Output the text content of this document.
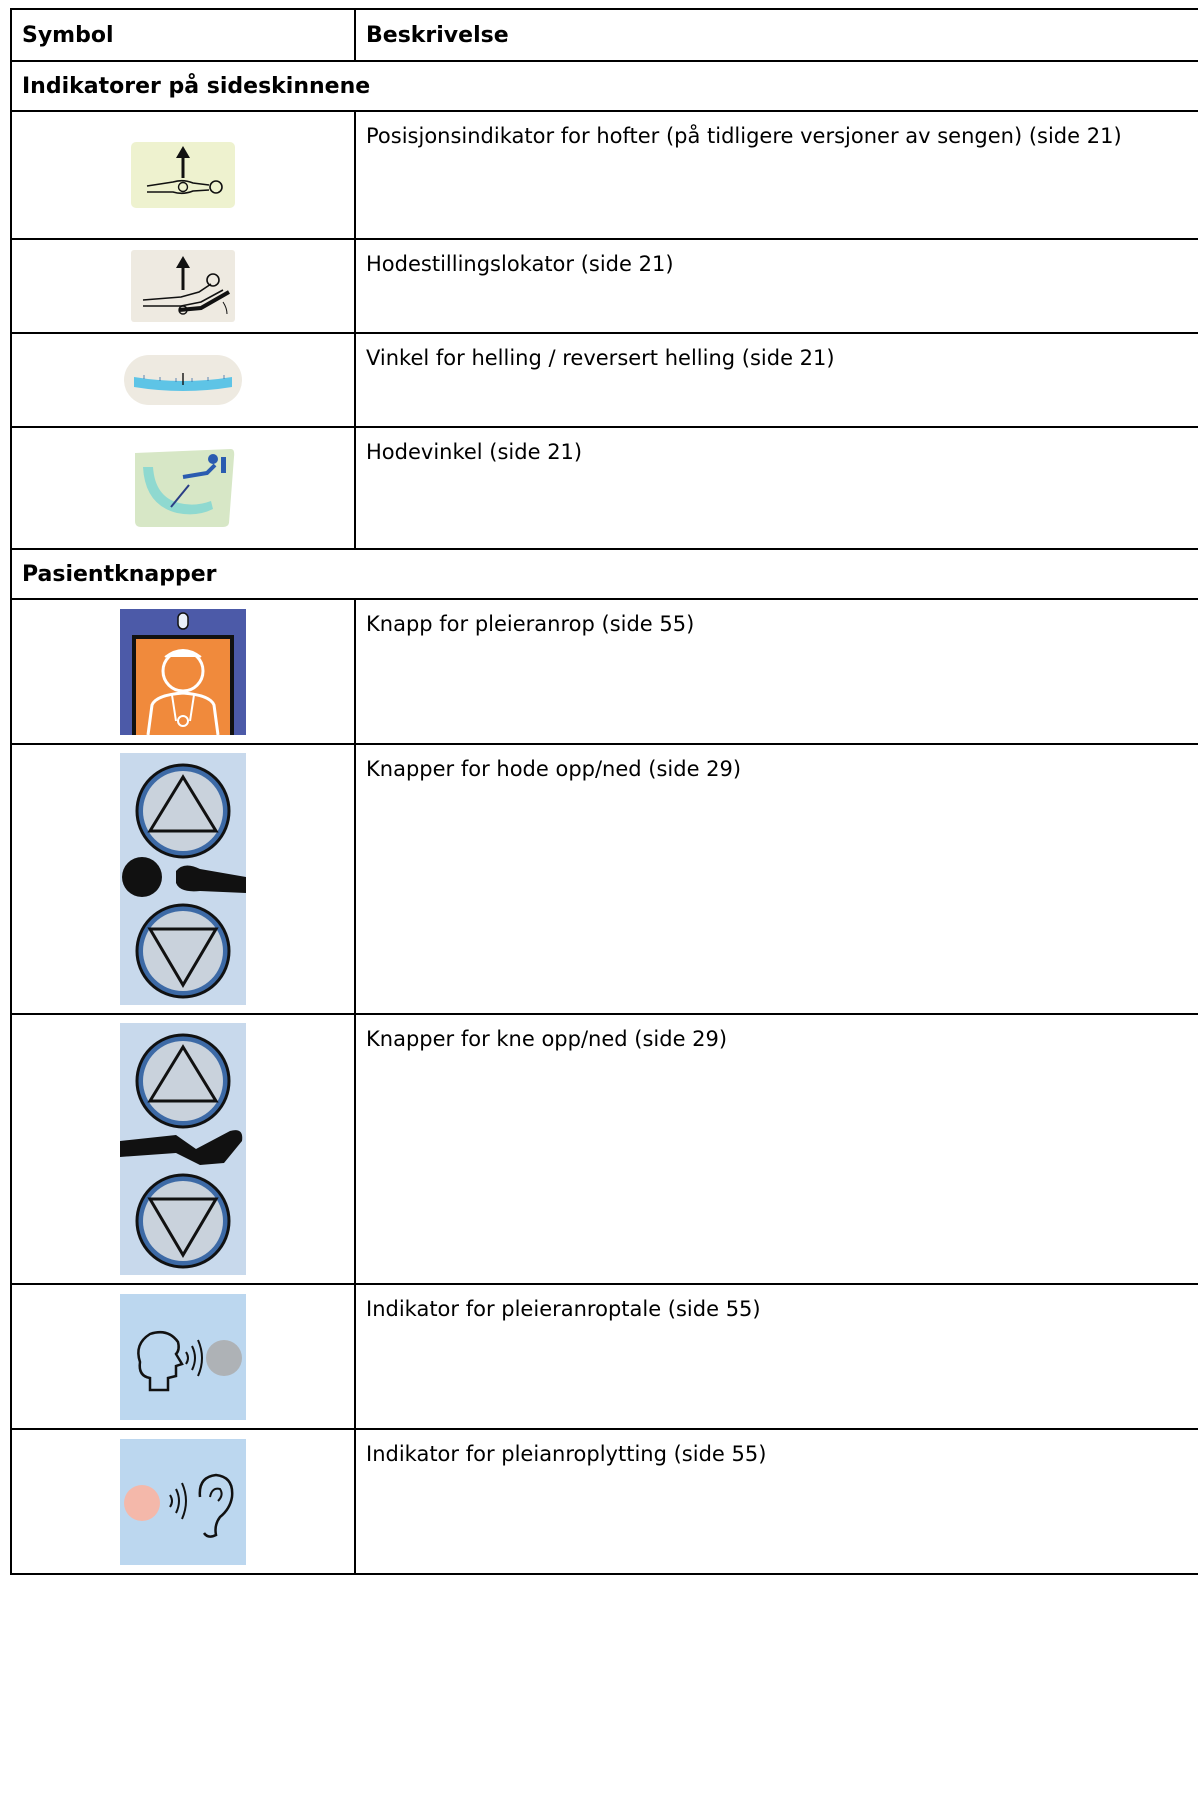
Symbol	Beskrivelse
Indikatorer på sideskinnene	
	Posisjonsindikator for hofter (på tidligere versjoner av sengen) (side 21)
	Hodestillingslokator (side 21)
	Vinkel for helling / reversert helling (side 21)
	Hodevinkel (side 21)
Pasientknapper	
	Knapp for pleieranrop (side 55)
	Knapper for hode opp/ned (side 29)
	Knapper for kne opp/ned (side 29)
	Indikator for pleieranroptale (side 55)
	Indikator for pleianroplytting (side 55)
